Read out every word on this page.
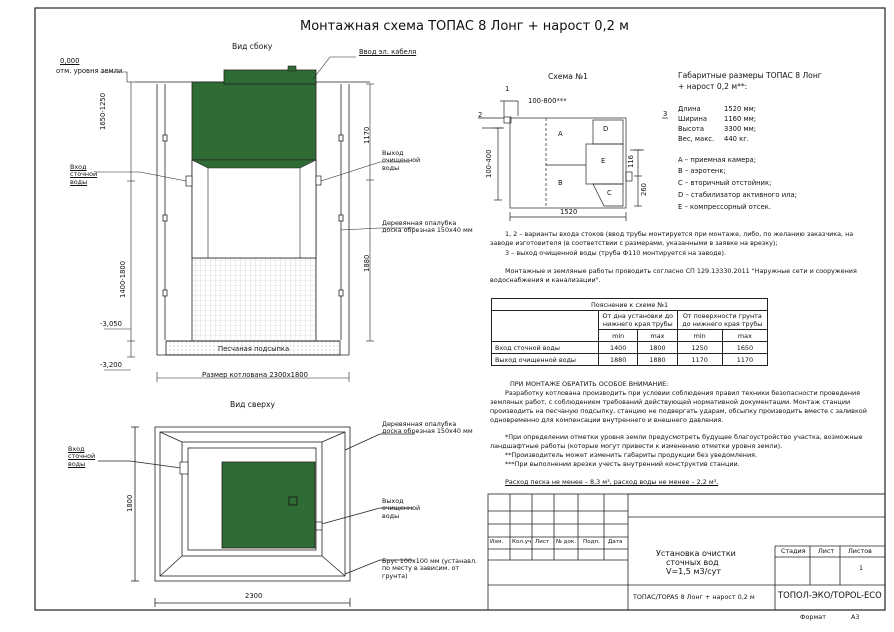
Монтажная схема ТОПАС 8 Лонг + нарост 0,2 м
Вид сбоку
Ввод эл. кабеля
0,000
отм. уровня земли
1650-1250
1400-1800
1170
1880
Вход сточной воды
Выход очищенной воды
Деревянная опалубка доска обрезная 150х40 мм
-3,050
-3,200
Песчаная подсыпка
Размер котлована 2300х1800
Вид сверху
Вход сточной воды
Деревянная опалубка доска обрезная 150х40 мм
Выход очищенной воды
Брус 100х100 мм (устанавл. по месту в зависим. от грунта)
1800
2300
Схема №1
1
2	3
100-800***
100-400	116
260
1520
A
B
C
D
E
Габаритные размеры ТОПАС 8 Лонг
+ нарост 0,2 м**:
Длина	1520 мм;
Ширина 1160 мм;
Высота	3300 мм;
Вес, макс. 440 кг.
A – приемная камера;
B – аэротенк;
C – вторичный отстойник;
D – стабилизатор активного ила;
E – компрессорный отсек.
1, 2 – варианты входа стоков (ввод трубы монтируется при монтаже, либо, по желанию заказчика, на
заводе изготовителя (в соответствии с размерами, указанными в заявке на врезку);
3 – выход очищенной воды (труба Ф110 монтируется на заводе).
Монтажные и земляные работы проводить согласно СП 129.13330.2011 "Наружные сети и сооружения
водоснабжения и канализации".
Пояснение к схеме №1				
	От дна установки до нижнего края трубы		От поверхности грунта до нижнего края трубы	
	min	max	min	max
Вход сточной воды	1400	1800	1250	1650
Выход очищенной воды	1880	1880	1170	1170
ПРИ МОНТАЖЕ ОБРАТИТЬ ОСОБОЕ ВНИМАНИЕ:
Разработку котлована производить при условии соблюдения правил техники безопасности проведения
земляных работ, с соблюдением требований действующей нормативной документации. Монтаж станции
производить на песчаную подсыпку, станцию не подвергать ударам, обсыпку производить вместе с заливкой
одновременно для компенсации внутреннего и внешнего давления.
*При определении отметки уровня земли предусмотреть будущее благоустройство участка, возможные
ландшафтные работы (которые могут привести к изменению отметки уровня земли).
**Производитель может изменить габариты продукции без уведомления.
***При выполнении врезки учесть внутренний конструктив станции.
Расход песка не менее – 8,3 м³, расход воды не менее – 2,2 м³.
Изм. Кол.уч Лист № док. Подп. Дата
Установка очистки
сточных вод
V=1,5 м3/сут
Стадия Лист Листов
1
ТОПАС/TOPAS 8 Лонг + нарост 0,2 м	ТОПОЛ-ЭКО/TOPOL-ECO
Формат	А3
